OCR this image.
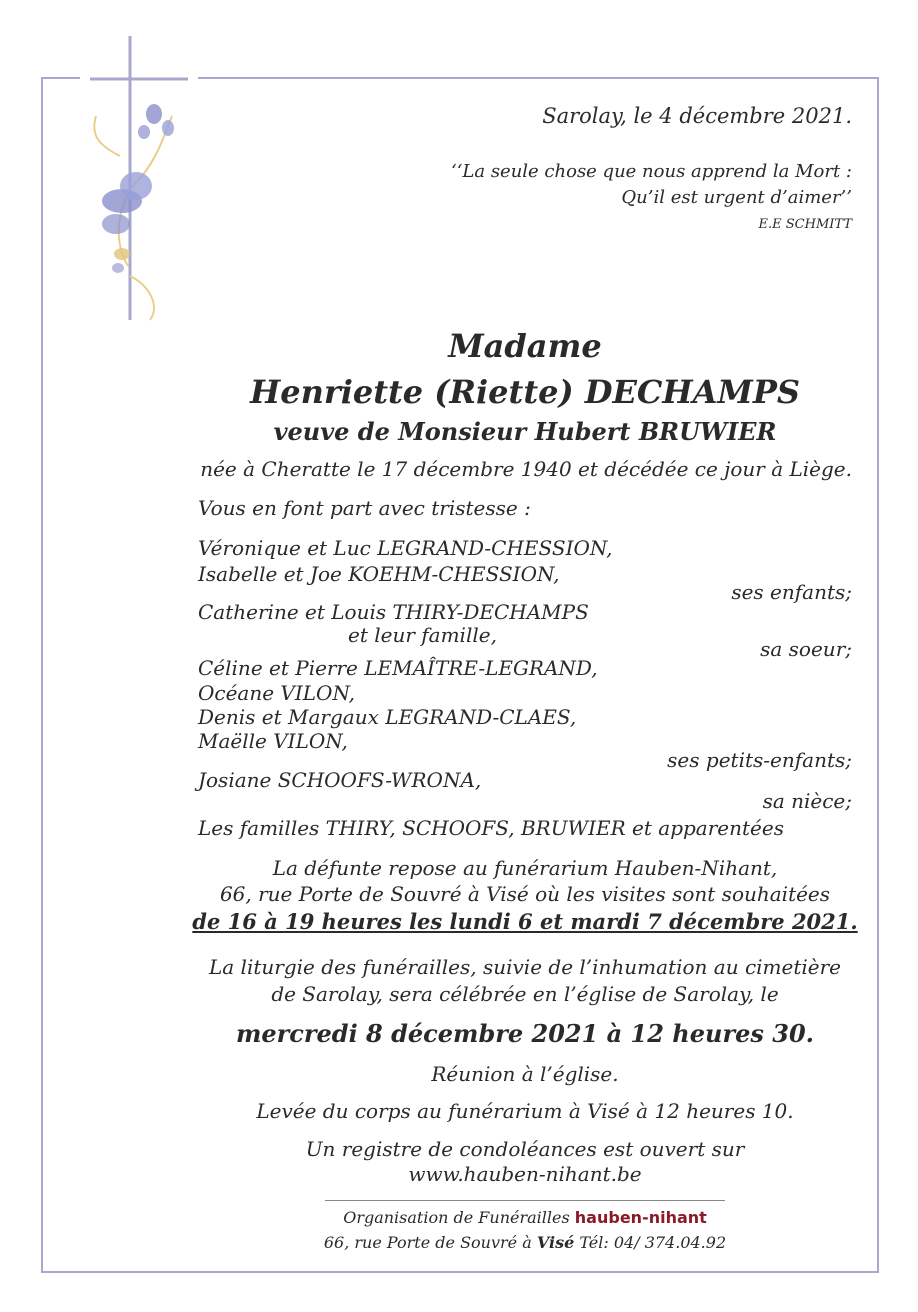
Sarolay, le 4 décembre 2021.
‘‘La seule chose que nous apprend la Mort :
Qu’il est urgent d’aimer’’
E.E SCHMITT
Madame
Henriette (Riette) DECHAMPS
veuve de Monsieur Hubert BRUWIER
née à Cheratte le 17 décembre 1940 et décédée ce jour à Liège.
Vous en font part avec tristesse :
Véronique et Luc LEGRAND-CHESSION,
Isabelle et Joe KOEHM-CHESSION,
ses enfants;
Catherine et Louis THIRY-DECHAMPS
et leur famille,
sa soeur;
Céline et Pierre LEMAÎTRE-LEGRAND,
Océane VILON,
Denis et Margaux LEGRAND-CLAES,
Maëlle VILON,
ses petits-enfants;
Josiane SCHOOFS-WRONA,
sa nièce;
Les familles THIRY, SCHOOFS, BRUWIER et apparentées
La défunte repose au funérarium Hauben-Nihant,
66, rue Porte de Souvré à Visé où les visites sont souhaitées
de 16 à 19 heures les lundi 6 et mardi 7 décembre 2021.
La liturgie des funérailles, suivie de l’inhumation au cimetière
de Sarolay, sera célébrée en l’église de Sarolay, le
mercredi 8 décembre 2021 à 12 heures 30.
Réunion à l’église.
Levée du corps au funérarium à Visé à 12 heures 10.
Un registre de condoléances est ouvert sur
www.hauben-nihant.be
Organisation de Funérailles hauben-nihant
66, rue Porte de Souvré à Visé Tél: 04/ 374.04.92
